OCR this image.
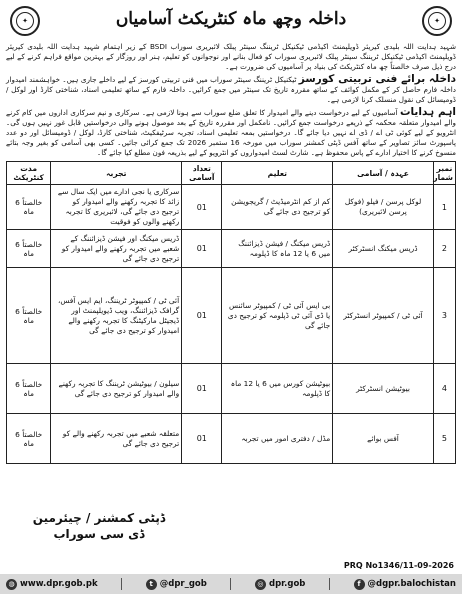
✦	داخلہ وچھ ماہ کنٹریکٹ آسامیاں	✦

شہید ہدایت اللہ بلیدی کیریئر ڈویلپمنٹ اکیڈمی ٹیکنیکل ٹریننگ سینٹر پبلک لائبریری سوراب BSDI کے زیر اہتمام شہید ہدایت اللہ بلیدی کیریئر ڈویلپمنٹ اکیڈمی ٹیکنیکل ٹریننگ سینٹر پبلک لائبریری سوراب کو فعال بنانے اور نوجوانوں کو تعلیم، ہنر اور روزگار کے بہترین مواقع فراہم کرنے کے لیے درج ذیل صرف خالصتاً چھ ماہ کنٹریکٹ کی بنیاد پر آسامیوں کی ضرورت ہے۔

داخلہ برائے فنی تربیتی کورسز ٹیکنیکل ٹریننگ سینٹر سوراب میں فنی تربیتی کورسز کے لیے داخلے جاری ہیں۔ خواہشمند امیدوار داخلہ فارم حاصل کر کے مکمل کوائف کے ساتھ مقررہ تاریخ تک سینٹر میں جمع کرائیں۔ داخلہ فارم کے ساتھ تعلیمی اسناد، شناختی کارڈ اور لوکل / ڈومیسائل کی نقول منسلک کرنا لازمی ہے۔

اہم ہدایات آسامیوں کے لیے درخواست دینے والے امیدوار کا تعلق ضلع سوراب سے ہونا لازمی ہے۔ سرکاری و نیم سرکاری اداروں میں کام کرنے والے امیدوار متعلقہ محکمہ کے ذریعے درخواست جمع کرائیں۔ نامکمل اور مقررہ تاریخ کے بعد موصول ہونے والی درخواستیں قابل غور نہیں ہوں گی۔ انٹرویو کے لیے کوئی ٹی اے / ڈی اے نہیں دیا جائے گا۔ درخواستیں بمعہ تعلیمی اسناد، تجربہ سرٹیفکیٹ، شناختی کارڈ، لوکل / ڈومیسائل اور دو عدد پاسپورٹ سائز تصاویر کے ساتھ آفس ڈپٹی کمشنر سوراب میں مورخہ 16 ستمبر 2026 تک جمع کرائی جائیں۔ کسی بھی آسامی کو بغیر وجہ بتائے منسوخ کرنے کا اختیار ادارے کے پاس محفوظ ہے۔ شارٹ لسٹ امیدواروں کو انٹرویو کے لیے بذریعہ فون مطلع کیا جائے گا۔

نمبر شمار	عہدہ / آسامی	تعلیم	تعداد آسامی	تجربہ	مدت کنٹریکٹ
1	لوکل پرسن / فیلو (فوکل پرسن لائبریری)	کم از کم انٹرمیڈیٹ / گریجویشن کو ترجیح دی جائے گی	01	سرکاری یا نجی ادارے میں ایک سال سے زائد کا تجربہ رکھنے والے امیدوار کو ترجیح دی جائے گی، لائبریری کا تجربہ رکھنے والوں کو فوقیت	خالصتاً 6 ماہ
2	ڈریس میکنگ انسٹرکٹر	ڈریس میکنگ / فیشن ڈیزائننگ میں 6 یا 12 ماہ کا ڈپلومہ	01	ڈریس میکنگ اور فیشن ڈیزائننگ کے شعبے میں تجربہ رکھنے والے امیدوار کو ترجیح دی جائے گی	خالصتاً 6 ماہ
3	آئی ٹی / کمپیوٹر انسٹرکٹر	بی ایس آئی ٹی / کمپیوٹر سائنس یا ڈی آئی ٹی ڈپلومہ کو ترجیح دی جائے گی	01	آئی ٹی / کمپیوٹر ٹریننگ، ایم ایس آفس، گرافک ڈیزائننگ، ویب ڈیویلپمنٹ اور ڈیجیٹل مارکیٹنگ کا تجربہ رکھنے والے امیدوار کو ترجیح دی جائے گی	خالصتاً 6 ماہ
4	بیوٹیشن انسٹرکٹر	بیوٹیشن کورس میں 6 یا 12 ماہ کا ڈپلومہ	01	سیلون / بیوٹیشن ٹریننگ کا تجربہ رکھنے والے امیدوار کو ترجیح دی جائے گی	خالصتاً 6 ماہ
5	آفس بوائے	مڈل / دفتری امور میں تجربہ	01	متعلقہ شعبے میں تجربہ رکھنے والے کو ترجیح دی جائے گی	خالصتاً 6 ماہ
ڈپٹی کمشنر / چیئرمین
ڈی سی سوراب
PRQ No1346/11-09-2026
◍ www.dpr.gob.pk	t @dpr_gob	◎ dpr.gob	f @dgpr.balochistan
